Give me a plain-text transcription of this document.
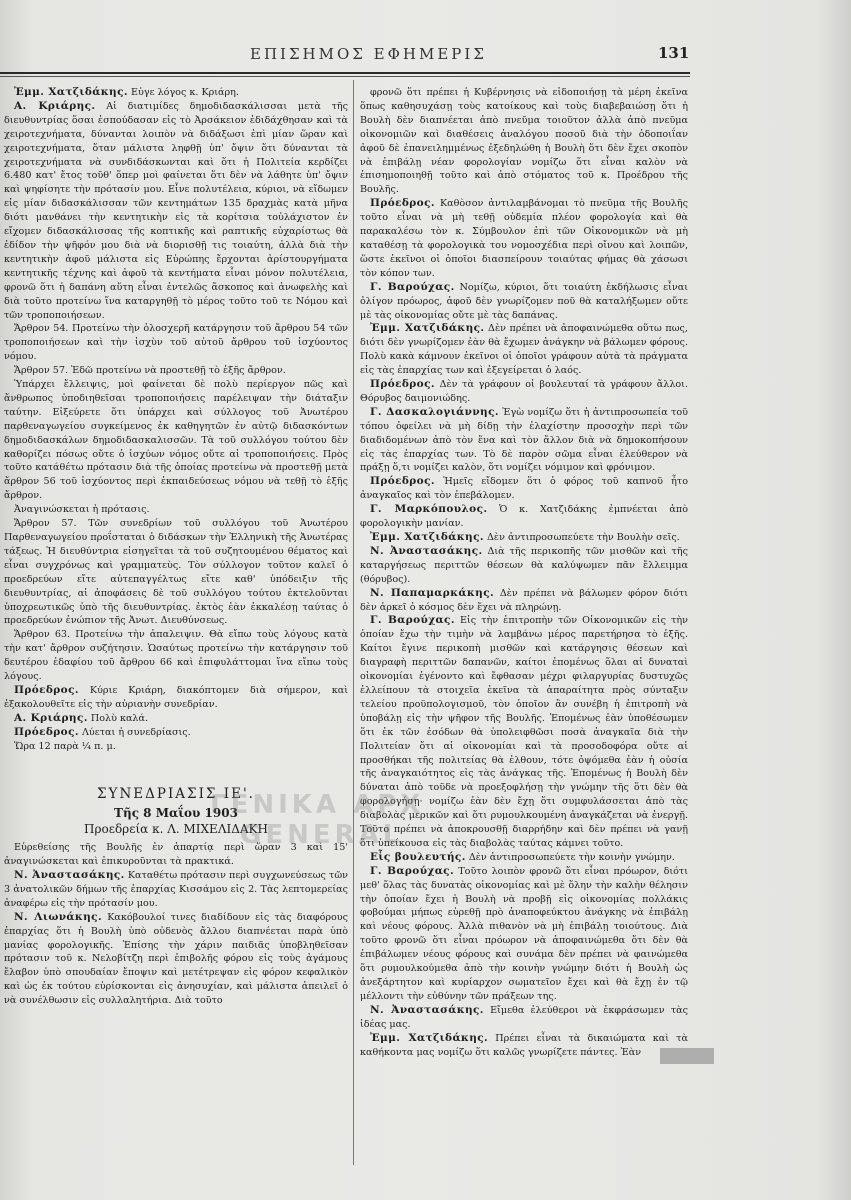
ΕΠΙΣΗΜΟΣ ΕΦΗΜΕΡΙΣ	131

Ἐμμ. Χατζιδάκης. Εὐγε λόγος κ. Κριάρη.

Α. Κριάρης. Αἱ διατιμίδες δημοδιδασκάλισσαι μετὰ τῆς διευθυντρίας ὅσαι ἐσπούδασαν εἰς τὸ Ἀρσάκειον ἐδιδάχθησαν καὶ τὰ χειροτεχνήματα, δύνανται λοιπὸν νὰ διδάξωσι ἐπὶ μίαν ὥραν καὶ χειροτεχνήματα, ὅταν μάλιστα ληφθῇ ὑπ' ὄψιν ὅτι δύνανται τὰ χειροτεχνήματα νὰ συνδιδάσκωνται καὶ ὅτι ἡ Πολιτεία κερδίζει 6.480 κατ' ἔτος τοῦθ' ὅπερ μοὶ φαίνεται ὅτι δὲν νὰ λάθητε ὑπ' ὄψιν καὶ ψηφίσητε τὴν πρότασίν μου. Εἶνε πολυτέλεια, κύριοι, νὰ εἴδωμεν εἰς μίαν διδασκάλισσαν τῶν κεντημάτων 135 δραχμὰς κατὰ μῆνα διότι μανθάνει τὴν κεντητικὴν εἰς τὰ κορίτσια τοὐλάχιστον ἐν εἴχομεν διδασκάλισσας τῆς κοπτικῆς καὶ ραπτικῆς εὐχαρίστως θὰ ἐδίδον τὴν ψῆφόν μου διὰ νὰ διορισθῇ τις τοιαύτη, ἀλλὰ διὰ τὴν κεντητικὴν ἀφοῦ μάλιστα εἰς Εὐρώπης ἔρχονται ἀρίστουργήματα κεντητικῆς τέχνης καὶ ἀφοῦ τὰ κεντήματα εἶναι μόνον πολυτέλεια, φρονῶ ὅτι ἡ δαπάνη αὕτη εἶναι ἐντελῶς ἄσκοπος καὶ ἀνωφελὴς καὶ διὰ τοῦτο προτείνω ἵνα καταργηθῇ τὸ μέρος τοῦτο τοῦ τε Νόμου καὶ τῶν τροποποιήσεων.

Ἄρθρον 54. Προτείνω τὴν ὁλοσχερῆ κατάργησιν τοῦ ἄρθρου 54 τῶν τροποποιήσεων καὶ τὴν ἰσχὺν τοῦ αὐτοῦ ἄρθρου τοῦ ἰσχύοντος νόμου.

Ἄρθρον 57. Ἐδῶ προτείνω νὰ προστεθῇ τὸ ἑξῆς ἄρθρον.

Ὑπάρχει ἔλλειψις, μοὶ φαίνεται δὲ πολὺ περίεργον πῶς καὶ ἄνθρωπος ὑποδιηθεῖσαι τροποποιήσεις παρέλειψαν τὴν διάταξιν ταύτην. Εἰξεύρετε ὅτι ὑπάρχει καὶ σύλλογος τοῦ Ἀνωτέρου παρθεναγωγείου συγκείμενος ἐκ καθηγητῶν ἐν αὐτῷ διδασκόντων δημοδιδασκάλων δημοδιδασκαλισσῶν. Τὰ τοῦ συλλόγου τούτου δὲν καθορίζει πόσως οὔτε ὁ ἰσχύων νόμος οὔτε αἱ τροποποιήσεις. Πρὸς τοῦτο κατάθέτω πρότασιν διὰ τῆς ὁποίας προτείνω νὰ προστεθῇ μετὰ ἄρθρον 56 τοῦ ἰσχύοντος περὶ ἐκπαιδεύσεως νόμου νὰ τεθῇ τὸ ἑξῆς ἄρθρον.

Ἀναγινώσκεται ἡ πρότασις.

Ἄρθρον 57. Τῶν συνεδρίων τοῦ συλλόγου τοῦ Ἀνωτέρου Παρθεναγωγείου προΐσταται ὁ διδάσκων τὴν Ἑλληνικὴ τῆς Ἀνωτέρας τάξεως. Ἡ διευθύντρια εἰσηγεῖται τὰ τοῦ συζητουμένου θέματος καὶ εἶναι συγχρόνως καὶ γραμματεὺς. Τὸν σύλλογον τοῦτον καλεῖ ὁ προεδρεύων εἴτε αὐτεπαγγέλτως εἴτε καθ' ὑπόδειξιν τῆς διευθυντρίας, αἱ ἀποφάσεις δὲ τοῦ συλλόγου τούτου ἐκτελοῦνται ὑποχρεωτικῶς ὑπὸ τῆς διευθυντρίας. ἐκτὸς ἐὰν ἐκκαλέσῃ ταύτας ὁ προεδρεύων ἐνώπιον τῆς Ἀνωτ. Διευθύνσεως.

Ἄρθρον 63. Προτείνω τὴν ἀπαλειψιν. Θὰ εἴπω τοὺς λόγους κατὰ τὴν κατ' ἄρθρον συζήτησιν. Ὡσαύτως προτείνω τὴν κατάργησιν τοῦ δευτέρου ἐδαφίου τοῦ ἄρθρου 66 καὶ ἐπιφυλάττομαι ἵνα εἴπω τοὺς λόγους.

Πρόεδρος. Κύριε Κριάρη, διακόπτομεν διὰ σήμερον, καὶ ἐξακολουθεῖτε εἰς τὴν αὐριανὴν συνεδρίαν.

Α. Κριάρης. Πολὺ καλά.

Πρόεδρος. Λύεται ἡ συνεδρίασις.

Ὥρα 12 παρὰ ¼ π. μ.

ΣΥΝΕΔΡΙΑΣΙΣ ΙΕ'.

Τῆς 8 Μαΐου 1903

Προεδρεία κ. Λ. ΜΙΧΕΛΙΔΑΚΗ

Εὑρεθείσης τῆς Βουλῆς ἐν ἀπαρτίᾳ περὶ ὥραν 3 καὶ 15' ἀναγινώσκεται καὶ ἐπικυροῦνται τὰ πρακτικά.

Ν. Ἀναστασάκης. Καταθέτω πρότασιν περὶ συγχωνεύσεως τῶν 3 ἀνατολικῶν δήμων τῆς ἐπαρχίας Κισσάμου εἰς 2. Τὰς λεπτομερείας ἀναφέρω εἰς τὴν πρότασίν μου.

Ν. Λιωνάκης. Κακόβουλοί τινες διαδίδουν εἰς τὰς διαφόρους ἐπαρχίας ὅτι ἡ Βουλὴ ὑπὸ οὐδενὸς ἄλλου διαπνέεται παρὰ ὑπὸ μανίας φορολογικῆς. Ἐπίσης τὴν χάριν παιδιᾶς ὑποβληθεῖσαν πρότασιν τοῦ κ. Νελοβίτζη περὶ ἐπιβολῆς φόρου εἰς τοὺς ἀγάμους ἔλαβον ὑπὸ σπουδαίαν ἔποψιν καὶ μετέτρεψαν εἰς φόρον κεφαλικὸν καὶ ὡς ἐκ τούτου εὑρίσκονται εἰς ἀνησυχίαν, καὶ μάλιστα ἀπειλεῖ ὁ νὰ συνέλθωσιν εἰς συλλαλητήρια. Διὰ τοῦτο

φρονῶ ὅτι πρέπει ἡ Κυβέρνησις νὰ εἰδοποιήσῃ τὰ μέρη ἐκεῖνα ὅπως καθησυχάσῃ τοὺς κατοίκους καὶ τοὺς διαβεβαιώσῃ ὅτι ἡ Βουλὴ δὲν διαπνέεται ἀπὸ πνεῦμα τοιοῦτον ἀλλὰ ἀπὸ πνεῦμα οἰκονομιῶν καὶ διαθέσεις ἀναλόγου ποσοῦ διὰ τὴν ὁδοποιΐαν ἀφοῦ δὲ ἐπανειλημμένως ἐξεδηλώθη ἡ Βουλὴ ὅτι δὲν ἔχει σκοπὸν νὰ ἐπιβάλῃ νέαν φορολογίαν νομίζω ὅτι εἶναι καλὸν νὰ ἐπισημοποιηθῇ τοῦτο καὶ ἀπὸ στόματος τοῦ κ. Προέδρου τῆς Βουλῆς.

Πρόεδρος. Καθὸσον ἀντιλαμβάνομαι τὸ πνεῦμα τῆς Βουλῆς τοῦτο εἶναι νὰ μὴ τεθῇ οὐδεμία πλέον φορολογία καὶ θὰ παρακαλέσω τὸν κ. Σύμβουλον ἐπὶ τῶν Οἰκονομικῶν νὰ μὴ καταθέσῃ τὰ φορολογικὰ του νομοσχέδια περὶ οἴνου καὶ λοιπῶν, ὥστε ἐκεῖνοι οἱ ὁποῖοι διασπείρουν τοιαύτας φήμας θὰ χάσωσι τὸν κόπον των.

Γ. Βαρούχας. Νομίζω, κύριοι, ὅτι τοιαύτη ἐκδήλωσις εἶναι ὀλίγον πρόωρος, ἀφοῦ δὲν γνωρίζομεν ποῦ θὰ καταλήξωμεν οὔτε μὲ τὰς οἰκονομίας οὔτε μὲ τὰς δαπάνας.

Ἐμμ. Χατζιδάκης. Δὲν πρέπει νὰ ἀποφαινώμεθα οὕτω πως, διότι δὲν γνωρίζομεν ἐὰν θὰ ἔχωμεν ἀνάγκην νὰ βάλωμεν φόρους. Πολὺ κακὰ κάμνουν ἐκεῖνοι οἱ ὁποῖοι γράφουν αὐτὰ τὰ πράγματα εἰς τὰς ἐπαρχίας των καὶ ἐξεγείρεται ὁ λαός.

Πρόεδρος. Δὲν τὰ γράφουν οἱ βουλευταί τὰ γράφουν ἄλλοι. Θόρυβος δαιμονιώδης.

Γ. Δασκαλογιάννης. Ἐγὼ νομίζω ὅτι ἡ ἀντιπροσωπεία τοῦ τόπου ὀφείλει νὰ μὴ δίδῃ τὴν ἐλαχίστην προσοχὴν περὶ τῶν διαδιδομένων ἀπὸ τὸν ἕνα καὶ τὸν ἄλλον διὰ νὰ δημοκοπήσουν εἰς τὰς ἐπαρχίας των. Τὸ δὲ παρὸν σῶμα εἶναι ἐλεύθερον νὰ πράξῃ ὅ,τι νομίζει καλὸν, ὅτι νομίζει νόμιμον καὶ φρόνιμον.

Πρόεδρος. Ἡμεῖς εἴδομεν ὅτι ὁ φόρος τοῦ καπνοῦ ἦτο ἀναγκαῖος καὶ τὸν ἐπεβάλομεν.

Γ. Μαρκόπουλος. Ὁ κ. Χατζιδάκης ἐμπνέεται ἀπὸ φορολογικὴν μανίαν.

Ἐμμ. Χατζιδάκης. Δὲν ἀντιπροσωπεύετε τὴν Βουλὴν σεῖς.

Ν. Ἀναστασάκης. Διὰ τῆς περικοπῆς τῶν μισθῶν καὶ τῆς καταργήσεως περιττῶν θέσεων θὰ καλύψωμεν πᾶν ἔλλειμμα (θόρυβος).

Ν. Παπαμαρκάκης. Δὲν πρέπει νὰ βάλωμεν φόρον διότι δὲν ἀρκεῖ ὁ κόσμος δὲν ἔχει νὰ πληρώνῃ.

Γ. Βαρούχας. Εἰς τὴν ἐπιτροπὴν τῶν Οἰκονομικῶν εἰς τὴν ὁποίαν ἔχω τὴν τιμὴν νὰ λαμβάνω μέρος παρετήρησα τὸ ἑξῆς. Καίτοι ἔγινε περικοπὴ μισθῶν καὶ κατάργησις θέσεων καὶ διαγραφὴ περιττῶν δαπανῶν, καίτοι ἐπομένως ὅλαι αἱ δυναταὶ οἰκονομίαι ἐγένοντο καὶ ἔφθασαν μέχρι φιλαργυρίας δυστυχῶς ἐλλείπουν τὰ στοιχεῖα ἐκεῖνα τὰ ἀπαραίτητα πρὸς σύνταξιν τελείου προϋπολογισμοῦ, τὸν ὁποῖον ἂν συνέβη ἡ ἐπιτροπὴ νὰ ὑποβάλῃ εἰς τὴν ψῆφον τῆς Βουλῆς. Ἐπομένως ἐὰν ὑποθέσωμεν ὅτι ἐκ τῶν ἐσόδων θὰ ὑπολειφθῶσι ποσὰ ἀναγκαῖα διὰ τὴν Πολιτείαν ὅτι αἱ οἰκονομίαι καὶ τὰ προσοδοφόρα οὔτε αἱ προσθήκαι τῆς πολιτείας θὰ ἐλθουν, τότε ὀψόμεθα ἐὰν ἡ οὐσία τῆς ἀναγκαιότητος εἰς τὰς ἀνάγκας τῆς. Ἐπομένως ἡ Βουλὴ δὲν δύναται ἀπὸ τοῦδε νὰ προεξοφλήσῃ τὴν γνώμην τῆς ὅτι δὲν θὰ φορολογήσῃ· νομίζω ἐὰν δὲν ἔχῃ ὅτι συμφυλάσσεται ἀπὸ τὰς διαβολὰς μερικῶν καὶ ὅτι ρυμουλκουμένη ἀναγκάζεται νὰ ἐνεργῇ. Τοῦτο πρέπει νὰ ἀποκρουσθῇ διαρρήδην καὶ δὲν πρέπει νὰ γανῇ ὅτι ὑπείκουσα εἰς τὰς διαβολὰς ταύτας κάμνει τοῦτο.

Εἷς βουλευτής. Δὲν ἀντιπροσωπεύετε τὴν κοινὴν γνώμην.

Γ. Βαρούχας. Τοῦτο λοιπὸν φρονῶ ὅτι εἶναι πρόωρον, διότι μεθ' ὅλας τὰς δυνατὰς οἰκονομίας καὶ μὲ ὅλην τὴν καλὴν θέλησιν τὴν ὁποίαν ἔχει ἡ Βουλὴ νὰ προβῇ εἰς οἰκονομίας πολλάκις φοβούμαι μήπως εὑρεθῇ πρὸ ἀναποφεύκτου ἀνάγκης νὰ ἐπιβάλῃ καὶ νέους φόρους. Ἀλλὰ πιθανὸν νὰ μὴ ἐπιβάλῃ τοιούτους. Διὰ τοῦτο φρονῶ ὅτι εἶναι πρόωρον νὰ ἀποφαινώμεθα ὅτι δὲν θὰ ἐπιβάλωμεν νέους φόρους καὶ συνάμα δὲν πρέπει νὰ φαινώμεθα ὅτι ρυμουλκούμεθα ἀπὸ τὴν κοινὴν γνώμην διότι ἡ Βουλὴ ὡς ἀνεξάρτητον καὶ κυρίαρχον σωματεῖον ἔχει καὶ θὰ ἔχῃ ἐν τῷ μέλλοντι τὴν εὐθύνην τῶν πράξεων της.

Ν. Ἀναστασάκης. Εἴμεθα ἐλεύθεροι νὰ ἐκφράσωμεν τὰς ἰδέας μας.

Ἐμμ. Χατζιδάκης. Πρέπει εἶναι τὰ δικαιώματα καὶ τὰ καθήκοντα μας νομίζω ὅτι καλῶς γνωρίζετε πάντες. Ἐὰν

ΓΕΝΙΚΑ ΑΡΧ
GENERAL
